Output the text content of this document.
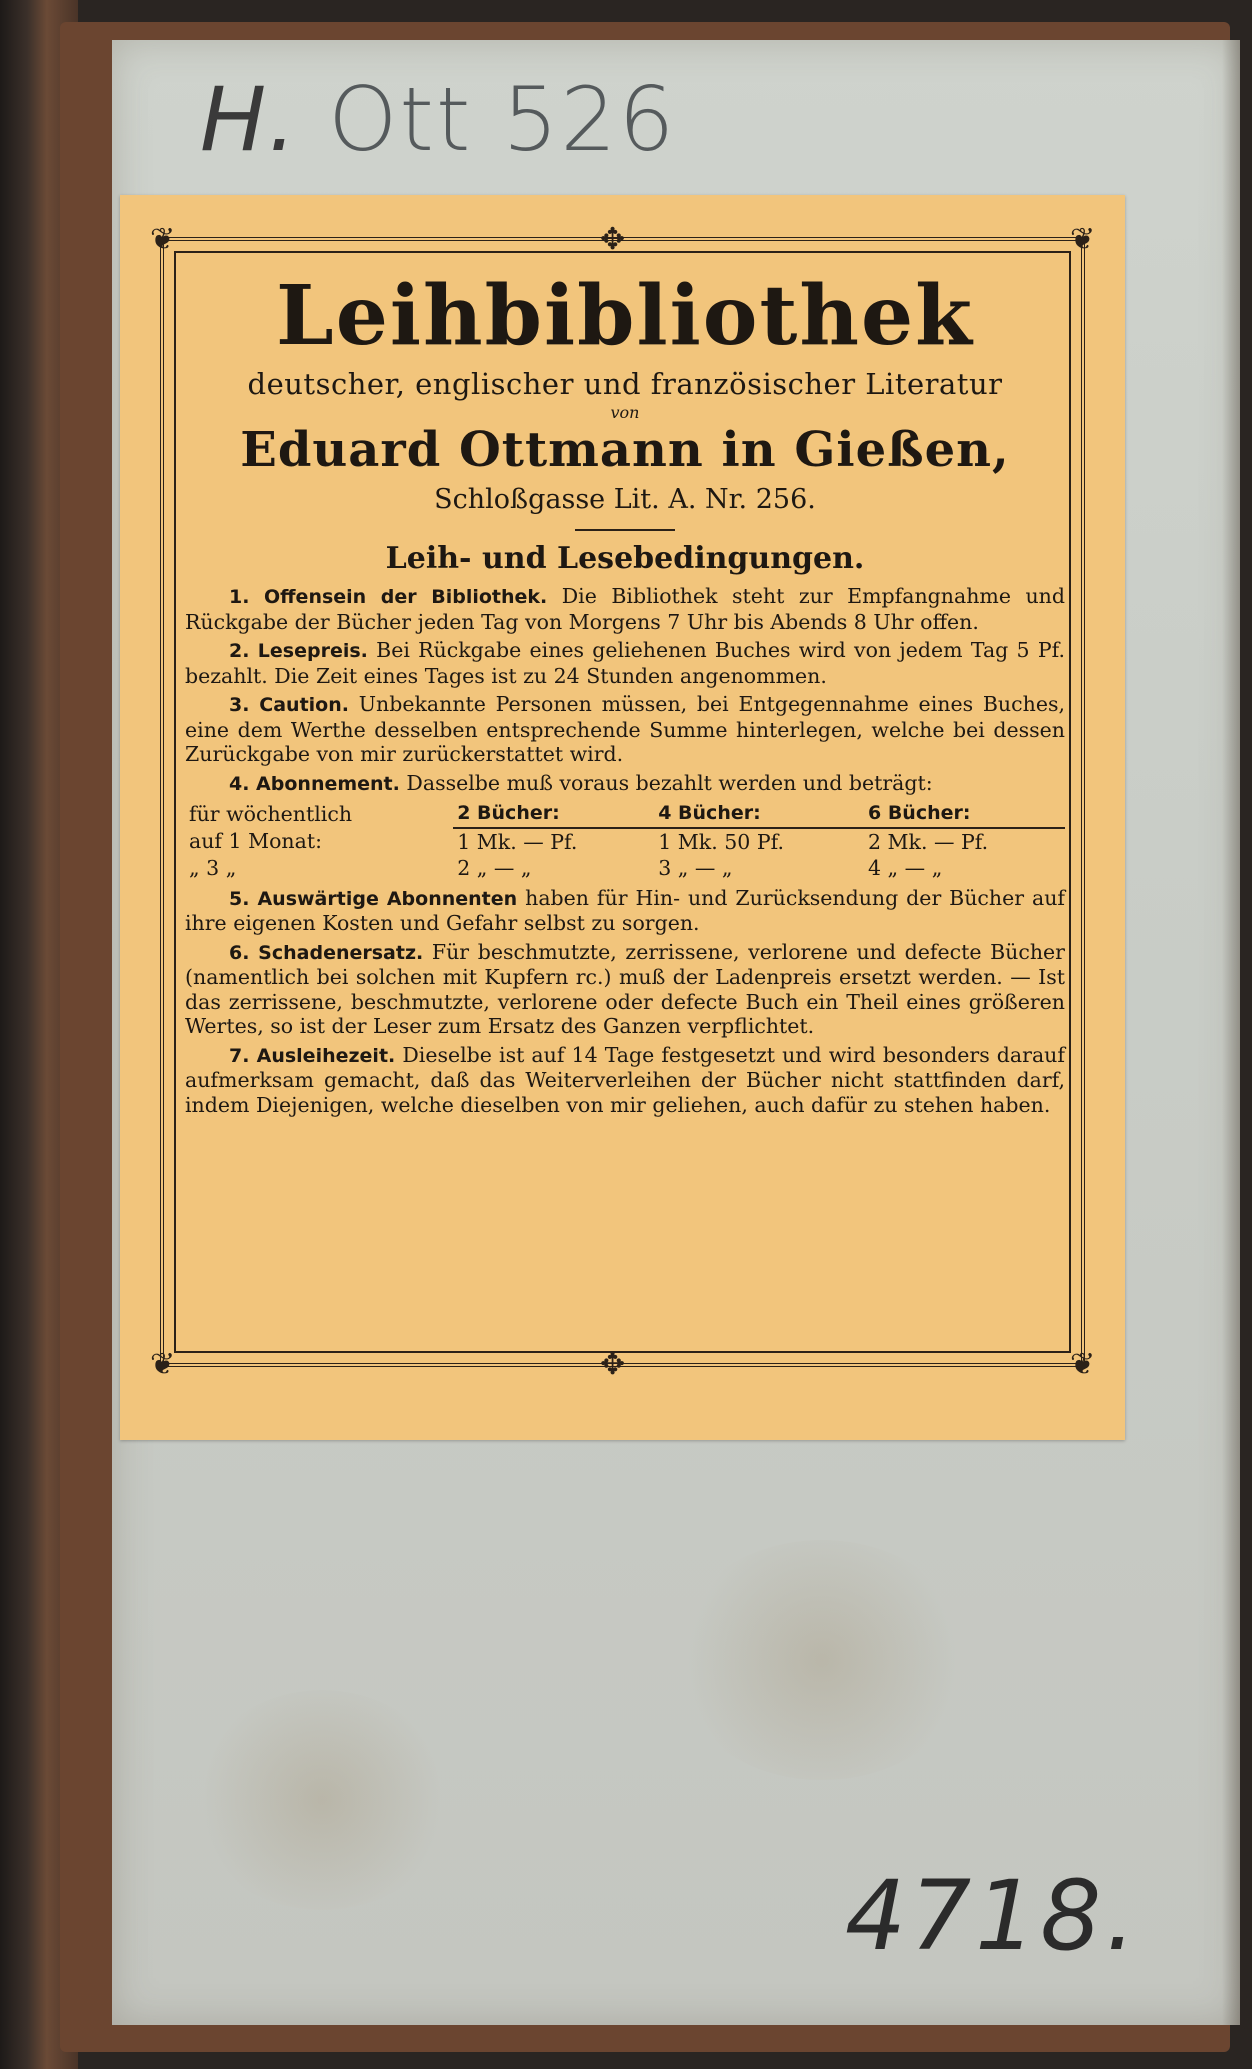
H. Ott 526
❦	❦
❦	❦
✥
✥
Leihbibliothek
deutscher, englischer und französischer Literatur
von
Eduard Ottmann in Gießen,
Schloßgasse Lit. A. Nr. 256.
Leih- und Lesebedingungen.

1. Offensein der Bibliothek. Die Bibliothek steht zur Empfangnahme und Rückgabe der Bücher jeden Tag von Morgens 7 Uhr bis Abends 8 Uhr offen.

2. Lesepreis. Bei Rückgabe eines geliehenen Buches wird von jedem Tag 5 Pf. bezahlt. Die Zeit eines Tages ist zu 24 Stunden angenommen.

3. Caution. Unbekannte Personen müssen, bei Entgegennahme eines Buches, eine dem Werthe desselben entsprechende Summe hinterlegen, welche bei dessen Zurückgabe von mir zurückerstattet wird.

4. Abonnement. Dasselbe muß voraus bezahlt werden und beträgt:

für wöchentlich	2 Bücher:	4 Bücher:	6 Bücher:
auf 1 Monat:	1 Mk. — Pf.	1 Mk. 50 Pf.	2 Mk. — Pf.
„ 3 „	2 „ — „	3 „ — „	4 „ — „

5. Auswärtige Abonnenten haben für Hin- und Zurücksendung der Bücher auf ihre eigenen Kosten und Gefahr selbst zu sorgen.

6. Schadenersatz. Für beschmutzte, zerrissene, verlorene und defecte Bücher (namentlich bei solchen mit Kupfern rc.) muß der Ladenpreis ersetzt werden. — Ist das zerrissene, beschmutzte, verlorene oder defecte Buch ein Theil eines größeren Wertes, so ist der Leser zum Ersatz des Ganzen verpflichtet.

7. Ausleihezeit. Dieselbe ist auf 14 Tage festgesetzt und wird besonders darauf aufmerksam gemacht, daß das Weiterverleihen der Bücher nicht stattfinden darf, indem Diejenigen, welche dieselben von mir geliehen, auch dafür zu stehen haben.

4718.
